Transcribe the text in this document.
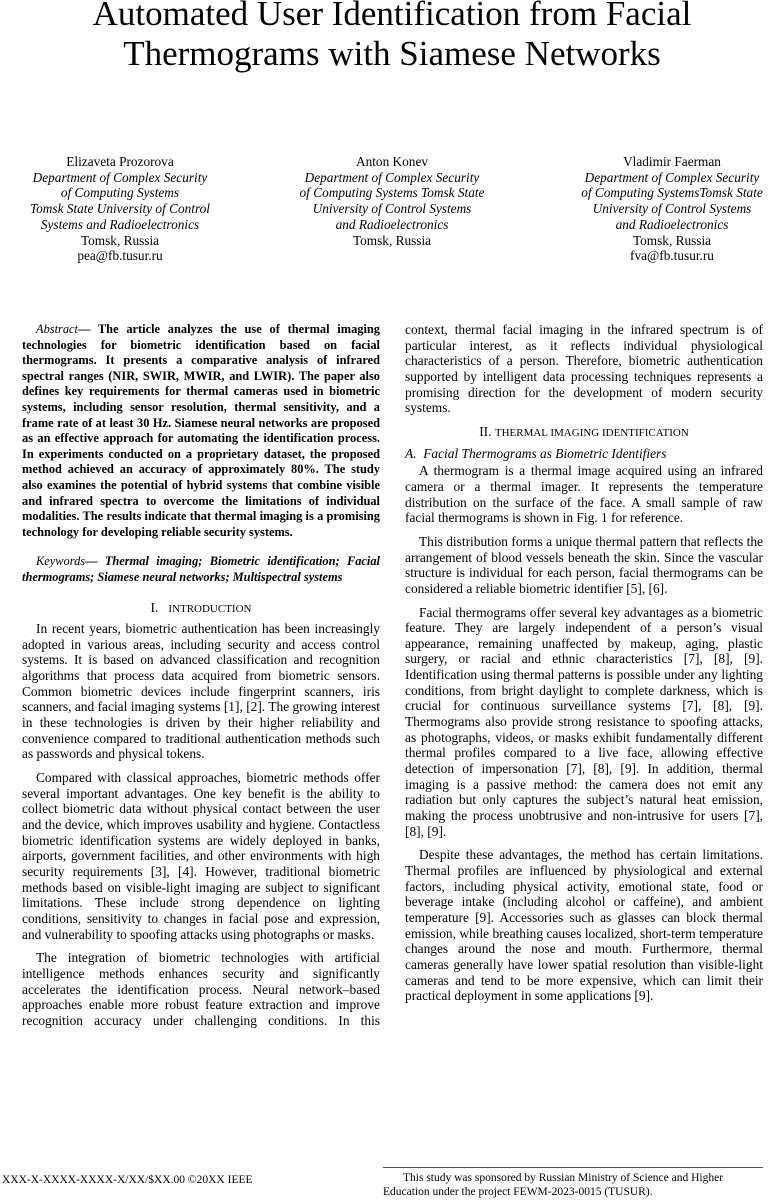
Automated User Identification from Facial
Thermograms with Siamese Networks
Elizaveta Prozorova
Department of Complex Security
of Computing Systems
Tomsk State University of Control
Systems and Radioelectronics
Tomsk, Russia
pea@fb.tusur.ru
Anton Konev
Department of Complex Security
of Computing Systems Tomsk State
University of Control Systems
and Radioelectronics
Tomsk, Russia
Vladimir Faerman
Department of Complex Security
of Computing SystemsTomsk State
University of Control Systems
and Radioelectronics
Tomsk, Russia
fva@fb.tusur.ru

Abstract— The article analyzes the use of thermal imaging technologies for biometric identification based on facial thermograms. It presents a comparative analysis of infrared spectral ranges (NIR, SWIR, MWIR, and LWIR). The paper also defines key requirements for thermal cameras used in biometric systems, including sensor resolution, thermal sensitivity, and a frame rate of at least 30 Hz. Siamese neural networks are proposed as an effective approach for automating the identification process. In experiments conducted on a proprietary dataset, the proposed method achieved an accuracy of approximately 80%. The study also examines the potential of hybrid systems that combine visible and infrared spectra to overcome the limitations of individual modalities. The results indicate that thermal imaging is a promising technology for developing reliable security systems.

Keywords— Thermal imaging; Biometric identification; Facial thermograms; Siamese neural networks; Multispectral systems

I. INTRODUCTION

In recent years, biometric authentication has been increasingly adopted in various areas, including security and access control systems. It is based on advanced classification and recognition algorithms that process data acquired from biometric sensors. Common biometric devices include fingerprint scanners, iris scanners, and facial imaging systems [1], [2]. The growing interest in these technologies is driven by their higher reliability and convenience compared to traditional authentication methods such as passwords and physical tokens.

Compared with classical approaches, biometric methods offer several important advantages. One key benefit is the ability to collect biometric data without physical contact between the user and the device, which improves usability and hygiene. Contactless biometric identification systems are widely deployed in banks, airports, government facilities, and other environments with high security requirements [3], [4]. However, traditional biometric methods based on visible-light imaging are subject to significant limitations. These include strong dependence on lighting conditions, sensitivity to changes in facial pose and expression, and vulnerability to spoofing attacks using photographs or masks.

The integration of biometric technologies with artificial intelligence methods enhances security and significantly accelerates the identification process. Neural network–based approaches enable more robust feature extraction and improve recognition accuracy under challenging conditions. In this

context, thermal facial imaging in the infrared spectrum is of particular interest, as it reflects individual physiological characteristics of a person. Therefore, biometric authentication supported by intelligent data processing techniques represents a promising direction for the development of modern security systems.

II. THERMAL IMAGING IDENTIFICATION

A. Facial Thermograms as Biometric Identifiers

A thermogram is a thermal image acquired using an infrared camera or a thermal imager. It represents the temperature distribution on the surface of the face. A small sample of raw facial thermograms is shown in Fig. 1 for reference.

This distribution forms a unique thermal pattern that reflects the arrangement of blood vessels beneath the skin. Since the vascular structure is individual for each person, facial thermograms can be considered a reliable biometric identifier [5], [6].

Facial thermograms offer several key advantages as a biometric feature. They are largely independent of a person’s visual appearance, remaining unaffected by makeup, aging, plastic surgery, or racial and ethnic characteristics [7], [8], [9]. Identification using thermal patterns is possible under any lighting conditions, from bright daylight to complete darkness, which is crucial for continuous surveillance systems [7], [8], [9]. Thermograms also provide strong resistance to spoofing attacks, as photographs, videos, or masks exhibit fundamentally different thermal profiles compared to a live face, allowing effective detection of impersonation [7], [8], [9]. In addition, thermal imaging is a passive method: the camera does not emit any radiation but only captures the subject’s natural heat emission, making the process unobtrusive and non-intrusive for users [7], [8], [9].

Despite these advantages, the method has certain limitations. Thermal profiles are influenced by physiological and external factors, including physical activity, emotional state, food or beverage intake (including alcohol or caffeine), and ambient temperature [9]. Accessories such as glasses can block thermal emission, while breathing causes localized, short-term temperature changes around the nose and mouth. Furthermore, thermal cameras generally have lower spatial resolution than visible-light cameras and tend to be more expensive, which can limit their practical deployment in some applications [9].

XXX-X-XXXX-XXXX-X/XX/$XX.00 ©20XX IEEE	This study was sponsored by Russian Ministry of Science and Higher
Education under the project FEWM-2023-0015 (TUSUR).
